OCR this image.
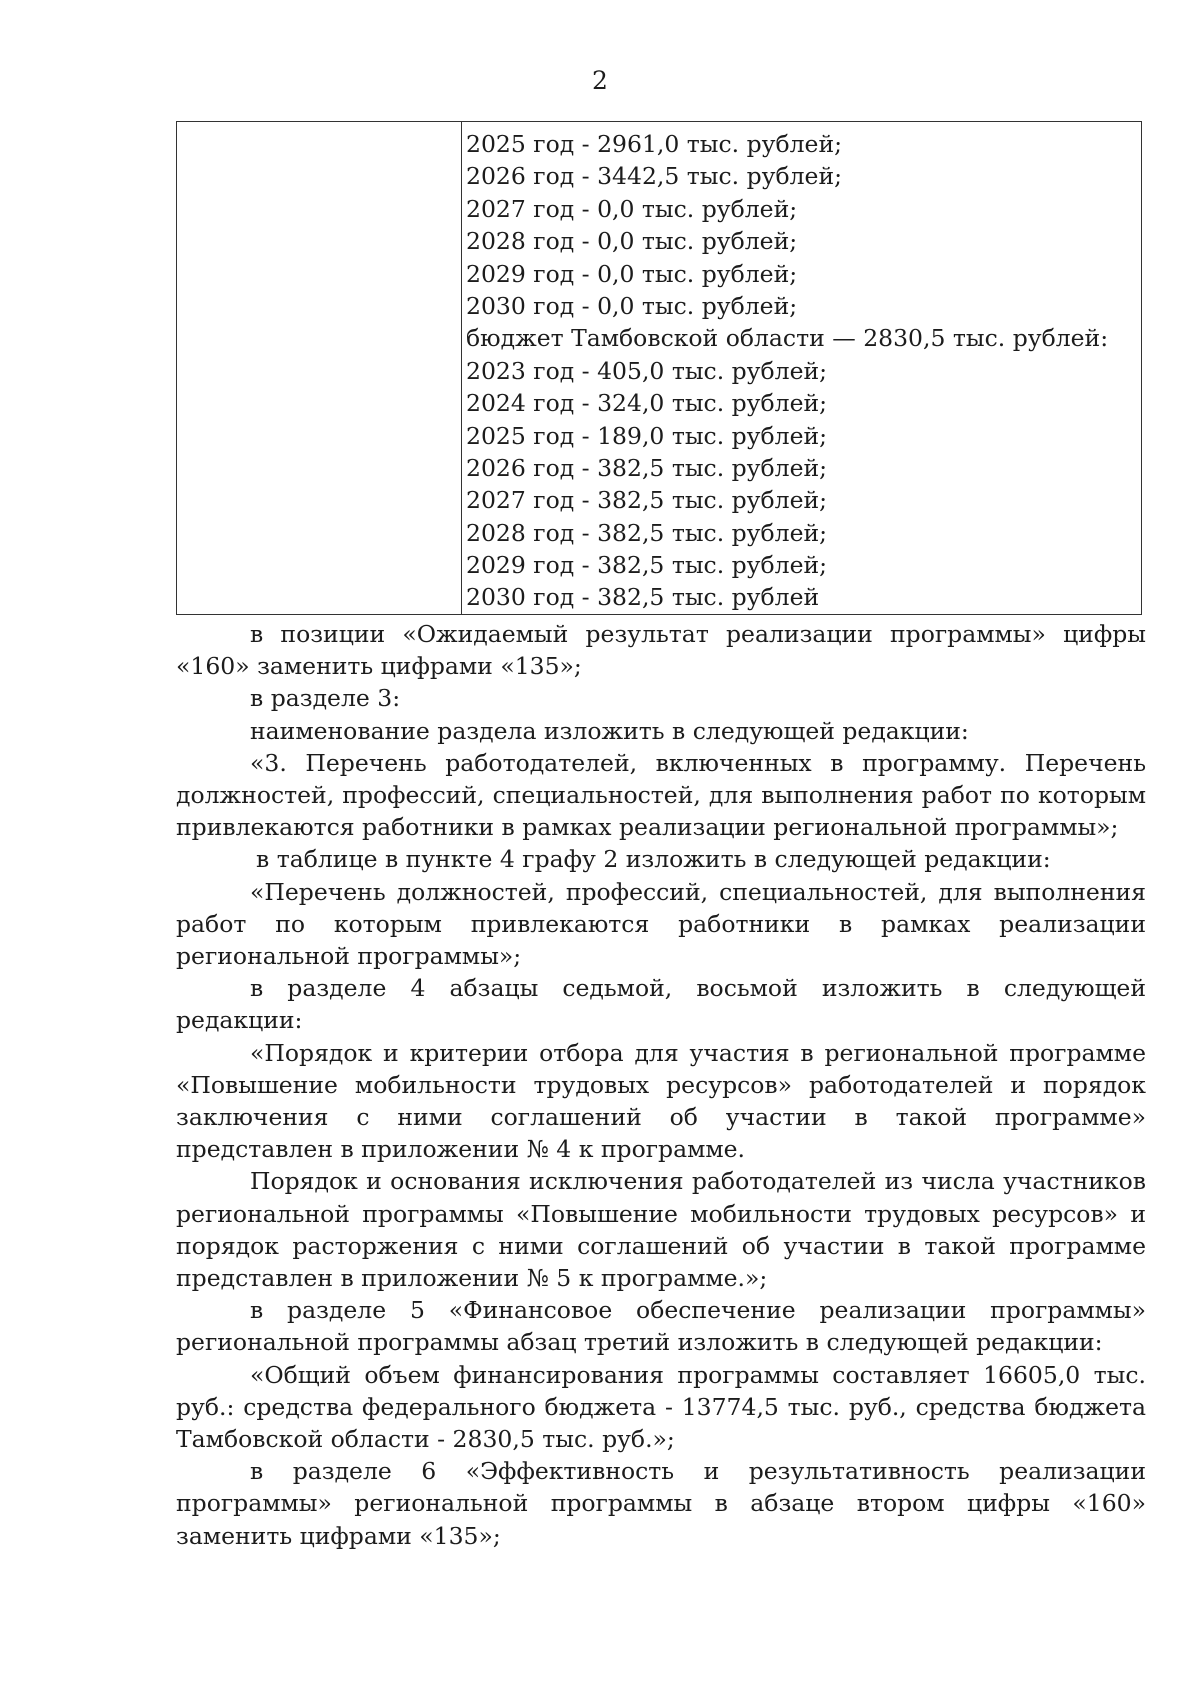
2
2025 год - 2961,0 тыс. рублей;
2026 год - 3442,5 тыс. рублей;
2027 год - 0,0 тыс. рублей;
2028 год - 0,0 тыс. рублей;
2029 год - 0,0 тыс. рублей;
2030 год - 0,0 тыс. рублей;
бюджет Тамбовской области — 2830,5 тыс. рублей:
2023 год - 405,0 тыс. рублей;
2024 год - 324,0 тыс. рублей;
2025 год - 189,0 тыс. рублей;
2026 год - 382,5 тыс. рублей;
2027 год - 382,5 тыс. рублей;
2028 год - 382,5 тыс. рублей;
2029 год - 382,5 тыс. рублей;
2030 год - 382,5 тыс. рублей

в позиции «Ожидаемый результат реализации программы» цифры «160» заменить цифрами «135»;

в разделе 3:

наименование раздела изложить в следующей редакции:

«3. Перечень работодателей, включенных в программу. Перечень должностей, профессий, специальностей, для выполнения работ по которым привлекаются работники в рамках реализации региональной программы»;

в таблице в пункте 4 графу 2 изложить в следующей редакции:

«Перечень должностей, профессий, специальностей, для выполнения работ по которым привлекаются работники в рамках реализации региональной программы»;

в разделе 4 абзацы седьмой, восьмой изложить в следующей редакции:

«Порядок и критерии отбора для участия в региональной программе «Повышение мобильности трудовых ресурсов» работодателей и порядок заключения с ними соглашений об участии в такой программе» представлен в приложении № 4 к программе.

Порядок и основания исключения работодателей из числа участников региональной программы «Повышение мобильности трудовых ресурсов» и порядок расторжения с ними соглашений об участии в такой программе представлен в приложении № 5 к программе.»;

в разделе 5 «Финансовое обеспечение реализации программы» региональной программы абзац третий изложить в следующей редакции:

«Общий объем финансирования программы составляет 16605,0 тыс. руб.: средства федерального бюджета - 13774,5 тыс. руб., средства бюджета Тамбовской области - 2830,5 тыс. руб.»;

в разделе 6 «Эффективность и результативность реализации программы» региональной программы в абзаце втором цифры «160» заменить цифрами «135»;
